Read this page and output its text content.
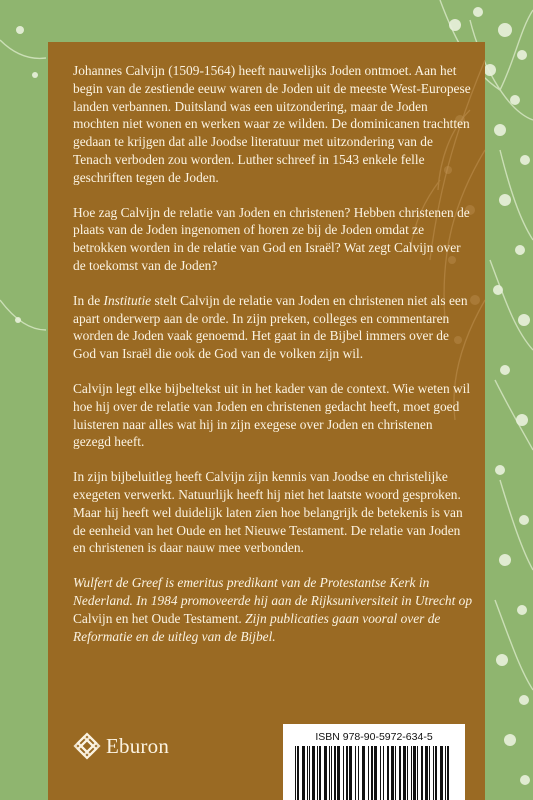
Johannes Calvijn (1509-1564) heeft nauwelijks Joden ontmoet. Aan het begin van de zestiende eeuw waren de Joden uit de meeste West-Europese landen verbannen. Duitsland was een uitzondering, maar de Joden mochten niet wonen en werken waar ze wilden. De dominicanen trachtten gedaan te krijgen dat alle Joodse literatuur met uitzondering van de Tenach verboden zou worden. Luther schreef in 1543 enkele felle geschriften tegen de Joden.

Hoe zag Calvijn de relatie van Joden en christenen? Hebben christenen de plaats van de Joden ingenomen of horen ze bij de Joden omdat ze betrokken worden in de relatie van God en Israël? Wat zegt Calvijn over de toekomst van de Joden?

In de Institutie stelt Calvijn de relatie van Joden en christenen niet als een apart onderwerp aan de orde. In zijn preken, colleges en commentaren worden de Joden vaak genoemd. Het gaat in de Bijbel immers over de God van Israël die ook de God van de volken zijn wil.

Calvijn legt elke bijbeltekst uit in het kader van de context. Wie weten wil hoe hij over de relatie van Joden en christenen gedacht heeft, moet goed luisteren naar alles wat hij in zijn exegese over Joden en christenen gezegd heeft.

In zijn bijbeluitleg heeft Calvijn zijn kennis van Joodse en christelijke exegeten verwerkt. Natuurlijk heeft hij niet het laatste woord gesproken. Maar hij heeft wel duidelijk laten zien hoe belangrijk de betekenis is van de eenheid van het Oude en het Nieuwe Testament. De relatie van Joden en christenen is daar nauw mee verbonden.

Wulfert de Greef is emeritus predikant van de Protestantse Kerk in Nederland. In 1984 promoveerde hij aan de Rijksuniversiteit in Utrecht op Calvijn en het Oude Testament. Zijn publicaties gaan vooral over de Reformatie en de uitleg van de Bijbel.

Eburon	ISBN 978-90-5972-634-5
